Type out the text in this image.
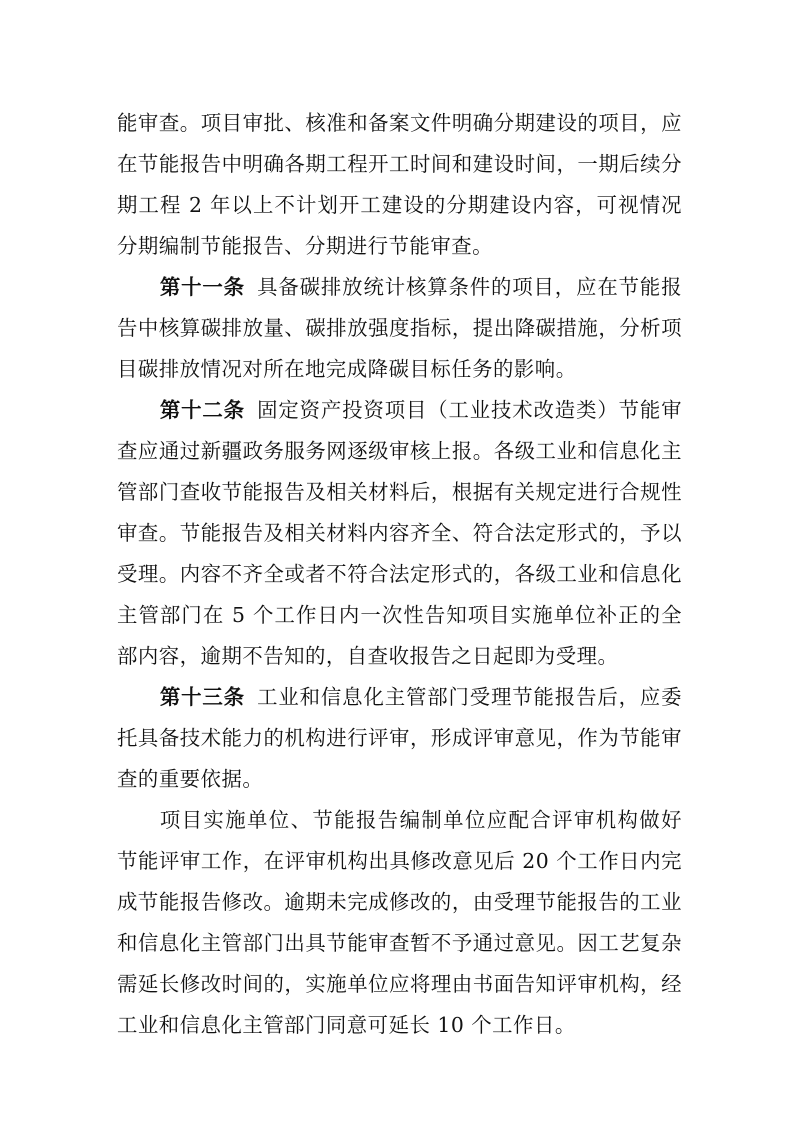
能审查。项目审批、核准和备案文件明确分期建设的项目，应在节能报告中明确各期工程开工时间和建设时间，一期后续分期工程 2 年以上不计划开工建设的分期建设内容，可视情况分期编制节能报告、分期进行节能审查。

第十一条 具备碳排放统计核算条件的项目，应在节能报告中核算碳排放量、碳排放强度指标，提出降碳措施，分析项目碳排放情况对所在地完成降碳目标任务的影响。

第十二条 固定资产投资项目（工业技术改造类）节能审查应通过新疆政务服务网逐级审核上报。各级工业和信息化主管部门查收节能报告及相关材料后，根据有关规定进行合规性审查。节能报告及相关材料内容齐全、符合法定形式的，予以受理。内容不齐全或者不符合法定形式的，各级工业和信息化主管部门在 5 个工作日内一次性告知项目实施单位补正的全部内容，逾期不告知的，自查收报告之日起即为受理。

第十三条 工业和信息化主管部门受理节能报告后，应委托具备技术能力的机构进行评审，形成评审意见，作为节能审查的重要依据。

项目实施单位、节能报告编制单位应配合评审机构做好节能评审工作，在评审机构出具修改意见后 20 个工作日内完成节能报告修改。逾期未完成修改的，由受理节能报告的工业和信息化主管部门出具节能审查暂不予通过意见。因工艺复杂需延长修改时间的，实施单位应将理由书面告知评审机构，经工业和信息化主管部门同意可延长 10 个工作日。
